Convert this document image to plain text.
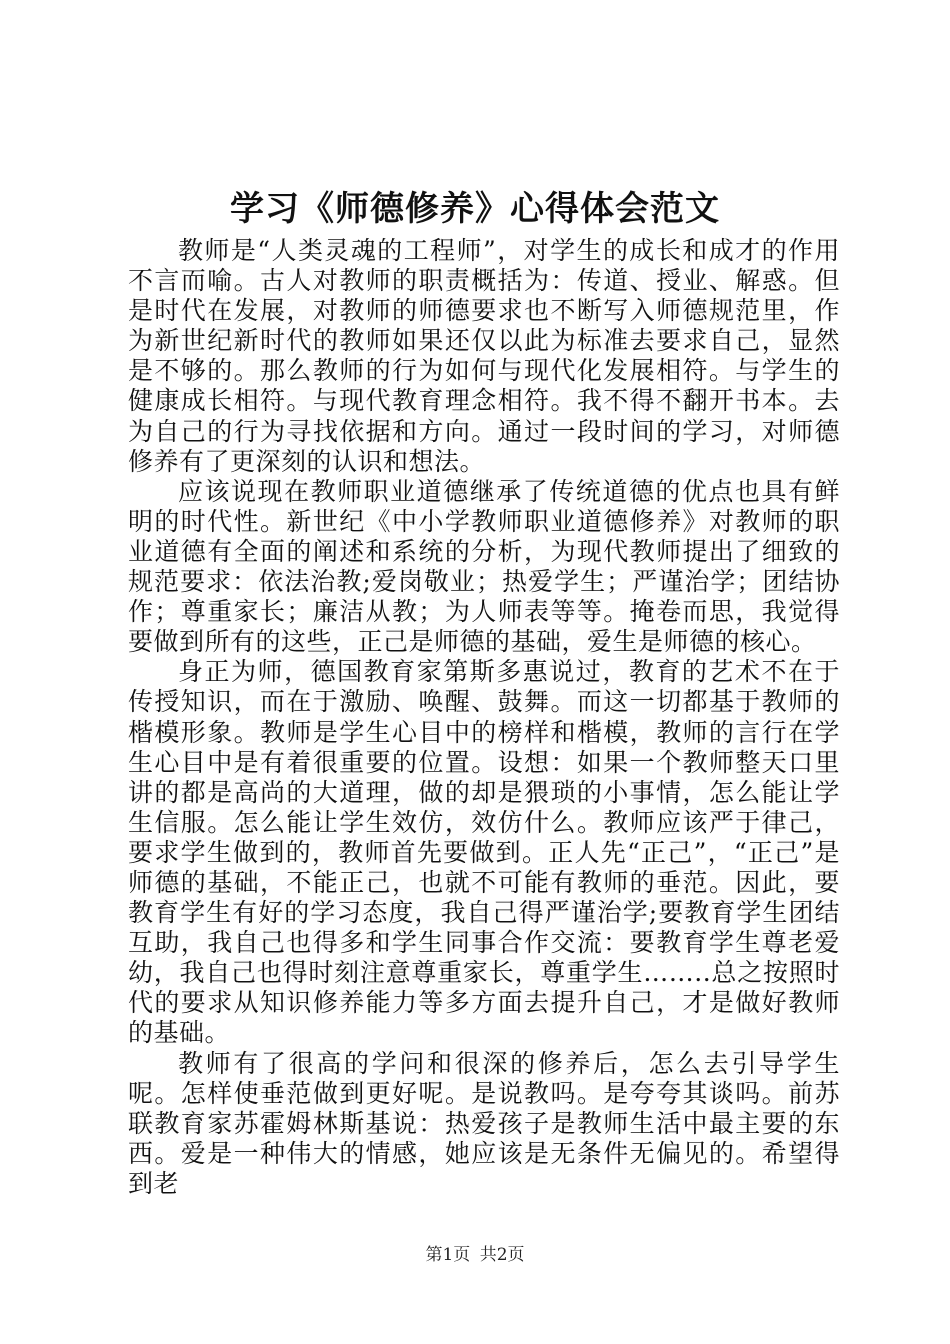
学习《师德修养》心得体会范文

教师是“人类灵魂的工程师”，对学生的成长和成才的作用不言而喻。古人对教师的职责概括为：传道、授业、解惑。但是时代在发展，对教师的师德要求也不断写入师德规范里，作为新世纪新时代的教师如果还仅以此为标准去要求自己，显然是不够的。那么教师的行为如何与现代化发展相符。与学生的健康成长相符。与现代教育理念相符。我不得不翻开书本。去为自己的行为寻找依据和方向。通过一段时间的学习，对师德修养有了更深刻的认识和想法。

应该说现在教师职业道德继承了传统道德的优点也具有鲜明的时代性。新世纪《中小学教师职业道德修养》对教师的职业道德有全面的阐述和系统的分析，为现代教师提出了细致的规范要求：依法治教;爱岗敬业；热爱学生；严谨治学；团结协作；尊重家长；廉洁从教；为人师表等等。掩卷而思，我觉得要做到所有的这些，正己是师德的基础，爱生是师德的核心。

身正为师，德国教育家第斯多惠说过，教育的艺术不在于传授知识，而在于激励、唤醒、鼓舞。而这一切都基于教师的楷模形象。教师是学生心目中的榜样和楷模，教师的言行在学生心目中是有着很重要的位置。设想：如果一个教师整天口里讲的都是高尚的大道理，做的却是猥琐的小事情，怎么能让学生信服。怎么能让学生效仿，效仿什么。教师应该严于律己，要求学生做到的，教师首先要做到。正人先“正己”，“正己”是师德的基础，不能正己，也就不可能有教师的垂范。因此，要教育学生有好的学习态度，我自己得严谨治学;要教育学生团结互助，我自己也得多和学生同事合作交流：要教育学生尊老爱幼，我自己也得时刻注意尊重家长，尊重学生……..总之按照时代的要求从知识修养能力等多方面去提升自己，才是做好教师的基础。

教师有了很高的学问和很深的修养后，怎么去引导学生呢。怎样使垂范做到更好呢。是说教吗。是夸夸其谈吗。前苏联教育家苏霍姆林斯基说：热爱孩子是教师生活中最主要的东西。爱是一种伟大的情感，她应该是无条件无偏见的。希望得到老

第1页 共2页
